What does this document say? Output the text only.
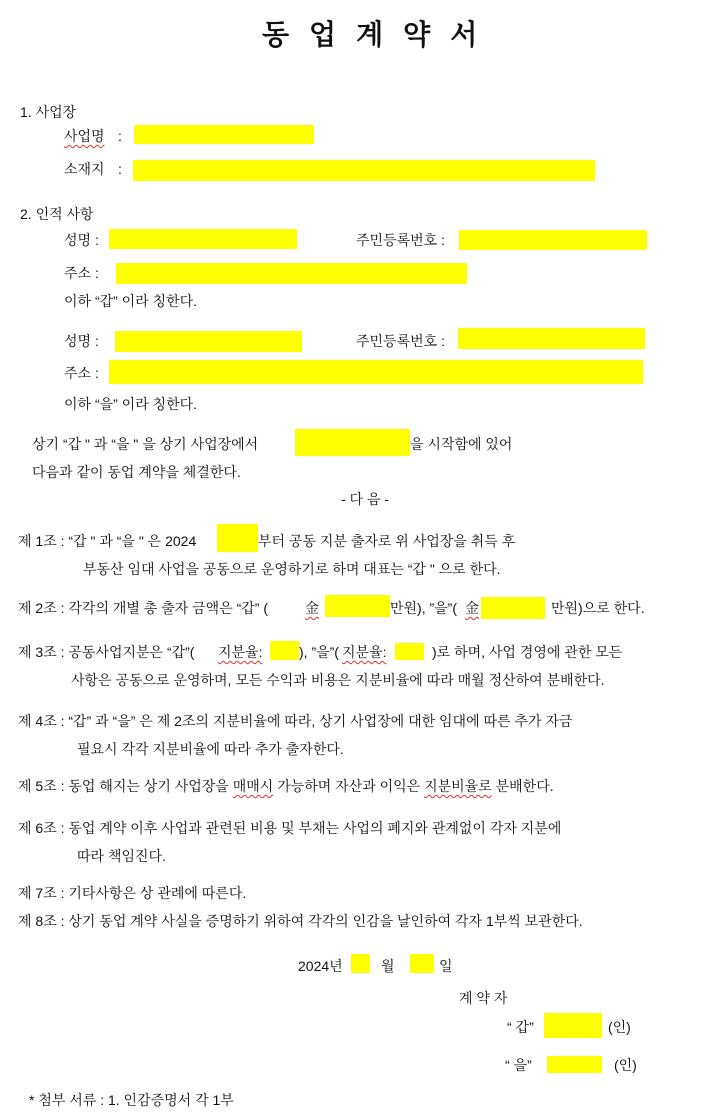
동업계약서
1. 사업장
사업명 :
소재지 :
2. 인적 사항
성명 :	주민등록번호 :
주소 :
이하 “갑” 이라 칭한다.
성명 :	주민등록번호 :
주소 :
이하 “을” 이라 칭한다.
상기 “갑 " 과 “을 " 을 상기 사업장에서	을 시작함에 있어
다음과 같이 동업 계약을 체결한다.
- 다 음 -
제 1조 : “갑 " 과 “을 " 은 2024	부터 공동 지분 출자로 위 사업장을 취득 후
부동산 임대 사업을 공동으로 운영하기로 하며 대표는 “갑 " 으로 한다.
제 2조 : 각각의 개별 총 출자 금액은 “갑” (	金	만원), ”을”( 金	만원)으로 한다.
제 3조 : 공동사업지분은 “갑”( 지분율:	), ”을”( 지분율:	)로 하며, 사업 경영에 관한 모든
사항은 공동으로 운영하며, 모든 수익과 비용은 지분비율에 따라 매월 정산하여 분배한다.
제 4조 : “갑” 과 “을” 은 제 2조의 지분비율에 따라, 상기 사업장에 대한 임대에 따른 추가 자금
필요시 각각 지분비율에 따라 추가 출자한다.
제 5조 : 동업 해지는 상기 사업장을 매매시 가능하며 자산과 이익은 지분비율로 분배한다.
제 6조 : 동업 계약 이후 사업과 관련된 비용 및 부채는 사업의 폐지와 관계없이 각자 지분에
따라 책임진다.
제 7조 : 기타사항은 상 관례에 따른다.
제 8조 : 상기 동업 계약 사실을 증명하기 위하여 각각의 인감을 날인하여 각자 1부씩 보관한다.
2024년	월	일
계 약 자
“ 갑”	(인)
“ 을”	(인)
* 첨부 서류 : 1. 인감증명서 각 1부
